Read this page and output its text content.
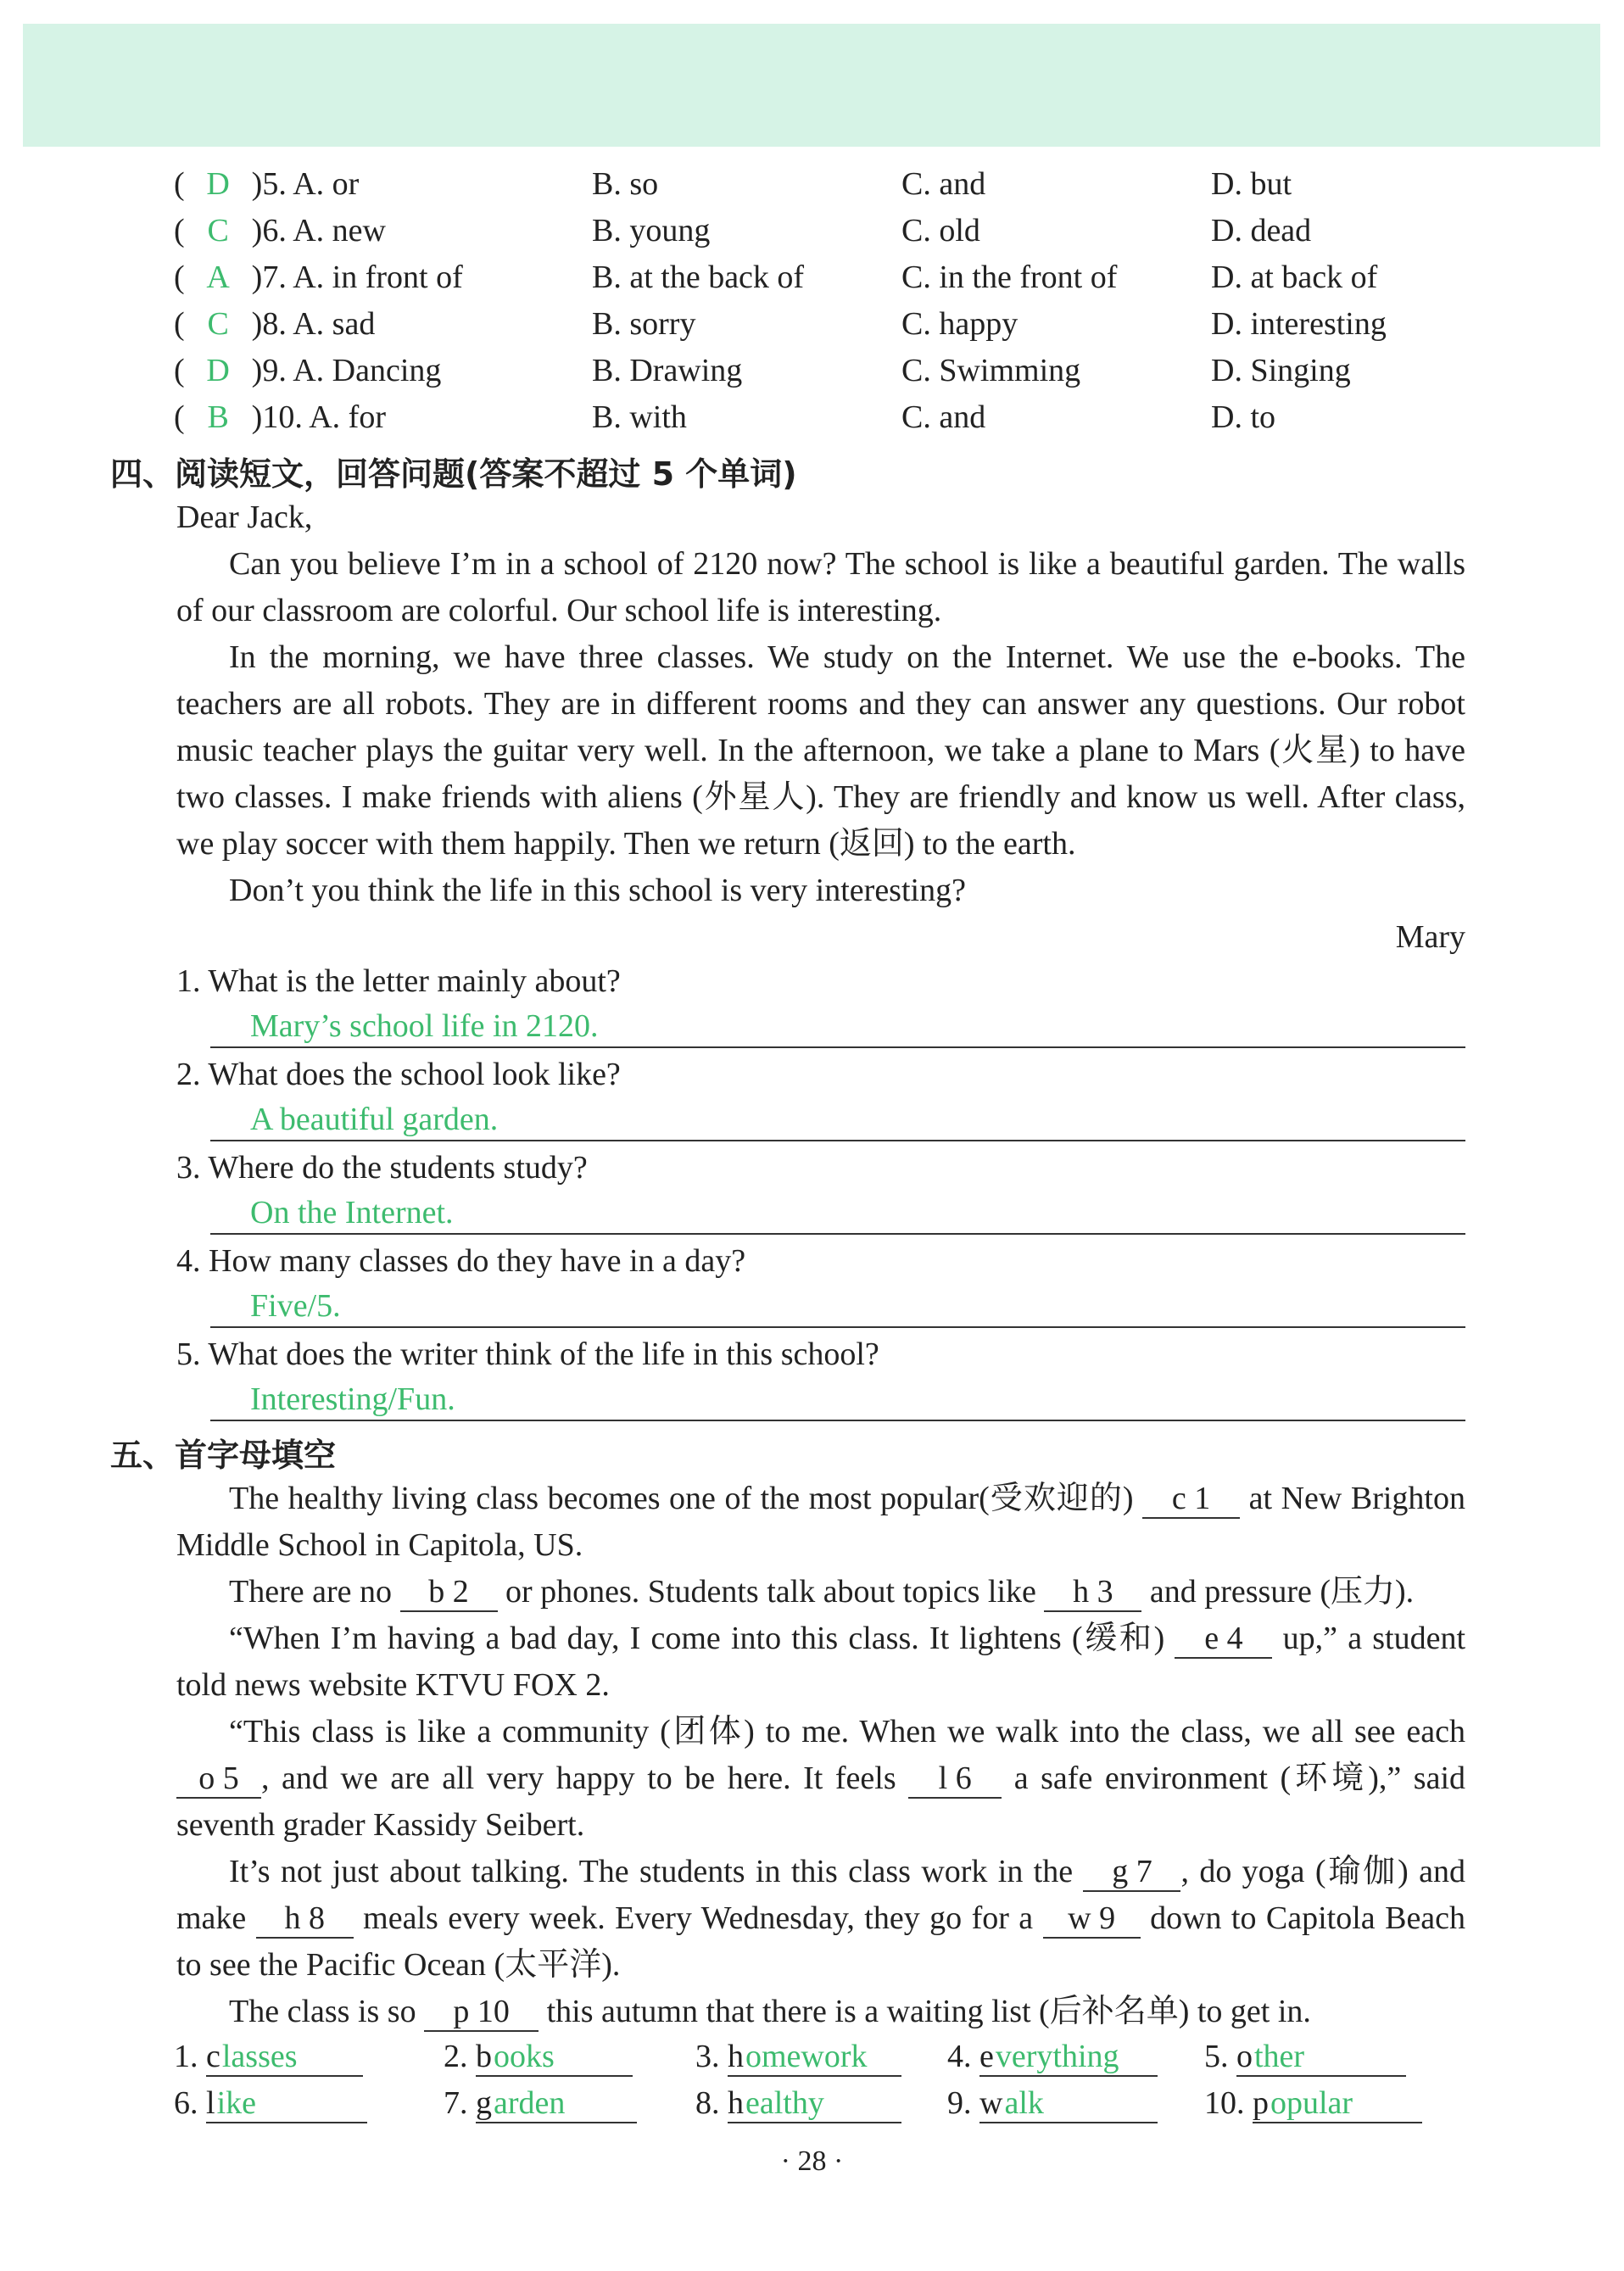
( D )5. A. or	B. so	C. and	D. but
( C )6. A. new	B. young	C. old	D. dead
( A )7. A. in front of	B. at the back of	C. in the front of	D. at back of
( C )8. A. sad	B. sorry	C. happy	D. interesting
( D )9. A. Dancing	B. Drawing	C. Swimming	D. Singing
( B )10. A. for	B. with	C. and	D. to
四、阅读短文，回答问题(答案不超过 5 个单词)
Dear Jack,
Can you believe I’m in a school of 2120 now? The school is like a beautiful garden. The walls of our classroom are colorful. Our school life is interesting.
In the morning, we have three classes. We study on the Internet. We use the e-books. The teachers are all robots. They are in different rooms and they can answer any questions. Our robot music teacher plays the guitar very well. In the afternoon, we take a plane to Mars (火星) to have two classes. I make friends with aliens (外星人). They are friendly and know us well. After class, we play soccer with them happily. Then we return (返回) to the earth.
Don’t you think the life in this school is very interesting?
Mary
1. What is the letter mainly about?
Mary’s school life in 2120.
2. What does the school look like?
A beautiful garden.
3. Where do the students study?
On the Internet.
4. How many classes do they have in a day?
Five/5.
5. What does the writer think of the life in this school?
Interesting/Fun.
五、首字母填空
The healthy living class becomes one of the most popular(受欢迎的) c 1 at New Brighton Middle School in Capitola, US.
There are no b 2 or phones. Students talk about topics like h 3 and pressure (压力).
“When I’m having a bad day, I come into this class. It lightens (缓和) e 4 up,” a student told news website KTVU FOX 2.
“This class is like a community (团体) to me. When we walk into the class, we all see each o 5 , and we are all very happy to be here. It feels l 6 a safe environment (环境),” said seventh grader Kassidy Seibert.
It’s not just about talking. The students in this class work in the g 7 , do yoga (瑜伽) and make h 8 meals every week. Every Wednesday, they go for a w 9 down to Capitola Beach to see the Pacific Ocean (太平洋).
The class is so p 10 this autumn that there is a waiting list (后补名单) to get in.
1. classes	2. books	3. homework	4. everything	5. other
6. like	7. garden	8. healthy	9. walk	10. popular
· 28 ·
